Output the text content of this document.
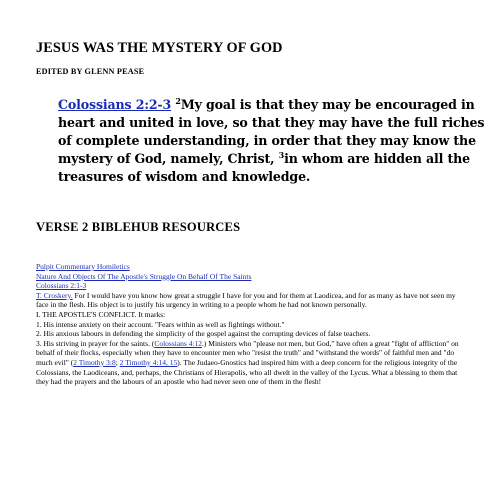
JESUS WAS THE MYSTERY OF GOD
EDITED BY GLENN PEASE
Colossians 2:2-3 $^2$My goal is that they may be encouraged in heart and united in love, so that they may have the full riches of complete understanding, in order that they may know the mystery of God, namely, Christ, $^3$in whom are hidden all the treasures of wisdom and knowledge.
VERSE 2 BIBLEHUB RESOURCES

Pulpit Commentary Homiletics

Nature And Objects Of The Apostle's Struggle On Behalf Of The Saints

Colossians 2:1-3

T. Croskery. For I would have you know how great a struggle I have for you and for them at Laodicea, and for as many as have not seen my face in the flesh. His object is to justify his urgency in writing to a people whom he had not known personally.

I. THE APOSTLE'S CONFLICT. It marks:

1. His intense anxiety on their account. "Fears within as well as fightings without."

2. His anxious labours in defending the simplicity of the gospel against the corrupting devices of false teachers.

3. His striving in prayer for the saints. (Colossians 4:12.) Ministers who "please not men, but God," have often a great "fight of affliction" on behalf of their flocks, especially when they have to encounter men who "resist the truth" and "withstand the words" of faithful men and "do much evil" (2 Timothy 3:8; 2 Timothy 4:14, 15). The Judaeo-Gnostics had inspired him with a deep concern for the religious integrity of the Colossians, the Laodiceans, and, perhaps, the Christians of Hierapolis, who all dwelt in the valley of the Lycus. What a blessing to them that they had the prayers and the labours of an apostle who had never seen one of them in the flesh!
